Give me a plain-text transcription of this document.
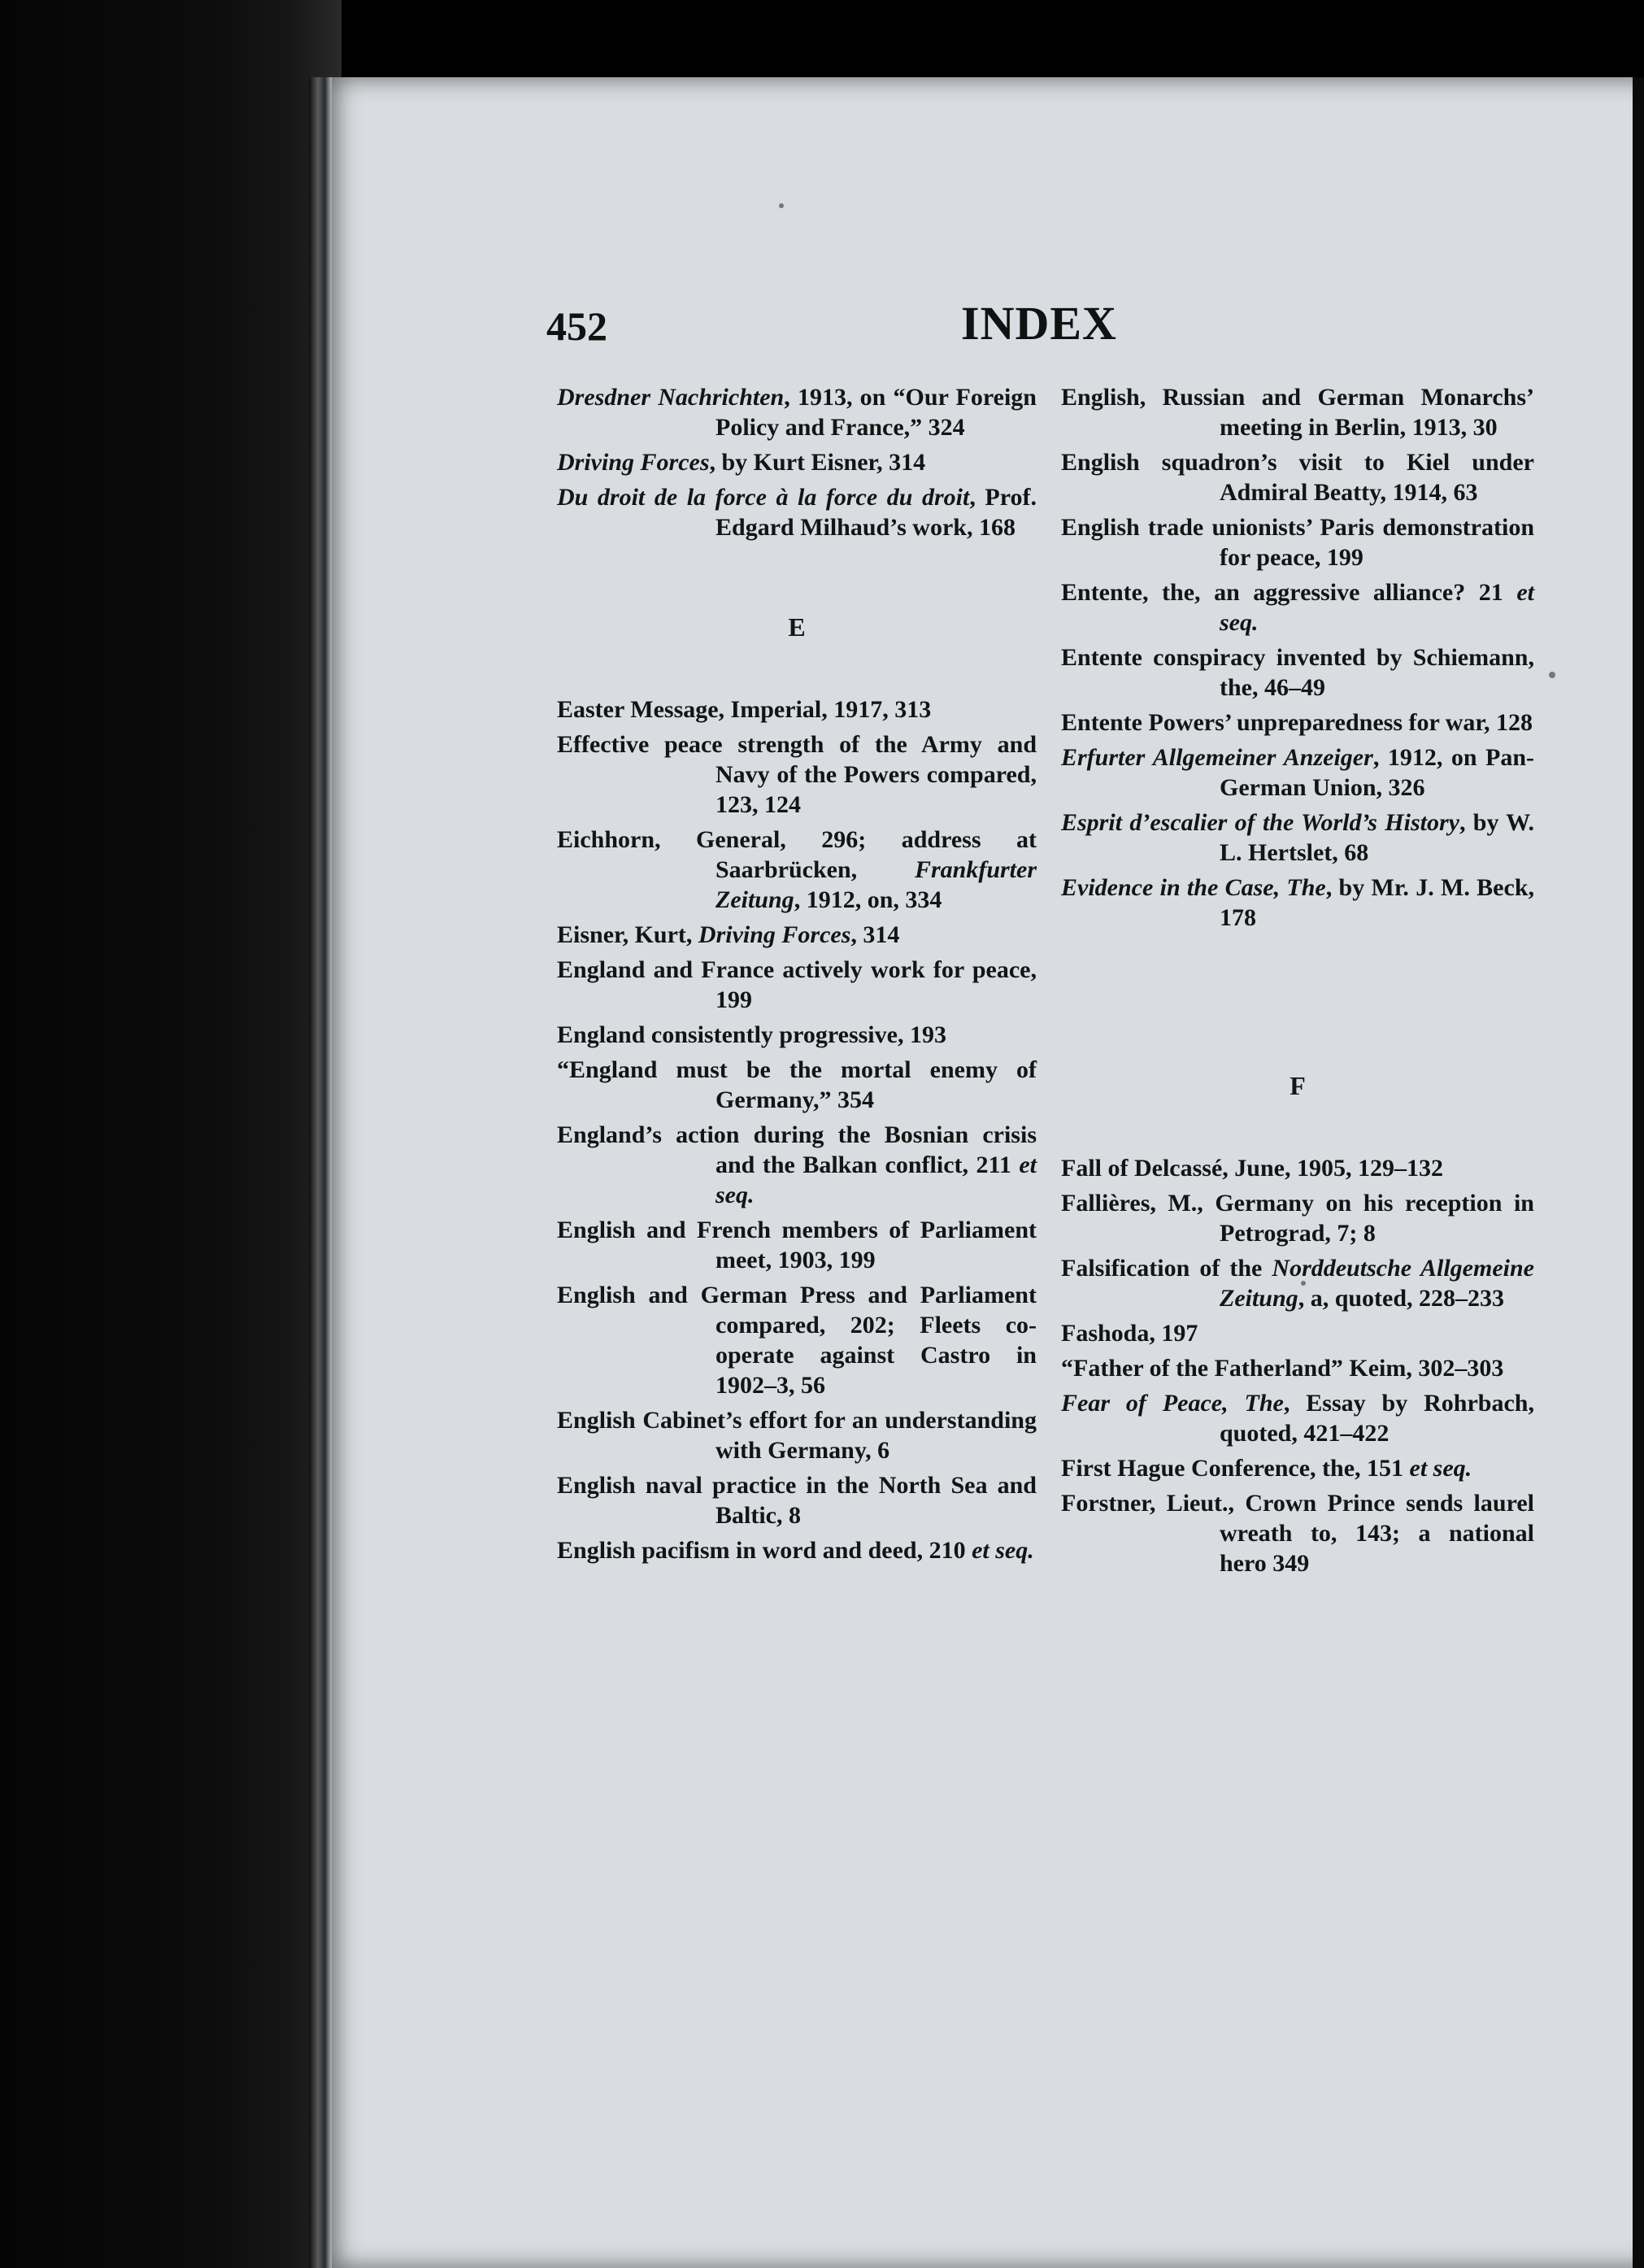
452	INDEX

Dresdner Nachrichten, 1913, on “Our Foreign Policy and France,” 324

Driving Forces, by Kurt Eisner, 314

Du droit de la force à la force du droit, Prof. Edgard Milhaud’s work, 168

E

Easter Message, Imperial, 1917, 313

Effective peace strength of the Army and Navy of the Powers compared, 123, 124

Eichhorn, General, 296; address at Saarbrücken, Frankfurter Zeitung, 1912, on, 334

Eisner, Kurt, Driving Forces, 314

England and France actively work for peace, 199

England consistently progressive, 193

“England must be the mortal enemy of Germany,” 354

England’s action during the Bosnian crisis and the Balkan conflict, 211 et seq.

English and French members of Parliament meet, 1903, 199

English and German Press and Parliament compared, 202; Fleets co-operate against Castro in 1902–3, 56

English Cabinet’s effort for an understanding with Germany, 6

English naval practice in the North Sea and Baltic, 8

English pacifism in word and deed, 210 et seq.

English, Russian and German Monarchs’ meeting in Berlin, 1913, 30

English squadron’s visit to Kiel under Admiral Beatty, 1914, 63

English trade unionists’ Paris demonstration for peace, 199

Entente, the, an aggressive alliance? 21 et seq.

Entente conspiracy invented by Schiemann, the, 46–49

Entente Powers’ unpreparedness for war, 128

Erfurter Allgemeiner Anzeiger, 1912, on Pan-German Union, 326

Esprit d’escalier of the World’s History, by W. L. Hertslet, 68

Evidence in the Case, The, by Mr. J. M. Beck, 178

F

Fall of Delcassé, June, 1905, 129–132

Fallières, M., Germany on his reception in Petrograd, 7; 8

Falsification of the Norddeutsche Allgemeine Zeitung, a, quoted, 228–233

Fashoda, 197

“Father of the Fatherland” Keim, 302–303

Fear of Peace, The, Essay by Rohrbach, quoted, 421–422

First Hague Conference, the, 151 et seq.

Forstner, Lieut., Crown Prince sends laurel wreath to, 143; a national hero 349
